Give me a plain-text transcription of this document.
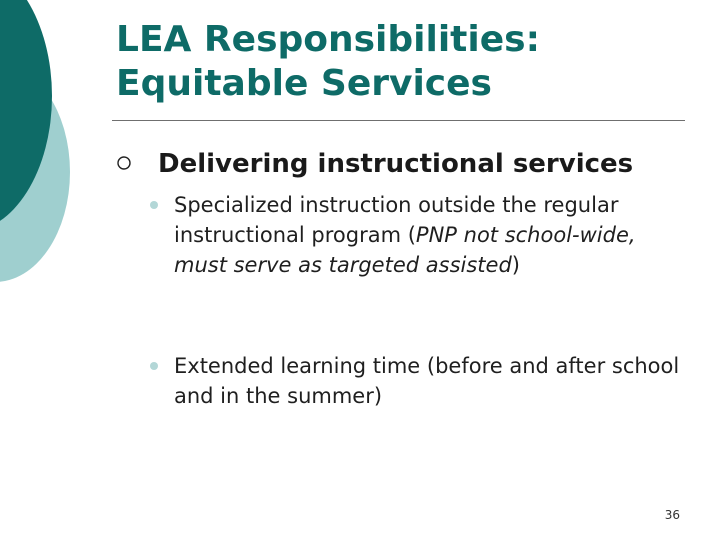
LEA Responsibilities:
Equitable Services
Delivering instructional services
Specialized instruction outside the regular instructional program (PNP not school-wide, must serve as targeted assisted)
Extended learning time (before and after school and in the summer)
36
